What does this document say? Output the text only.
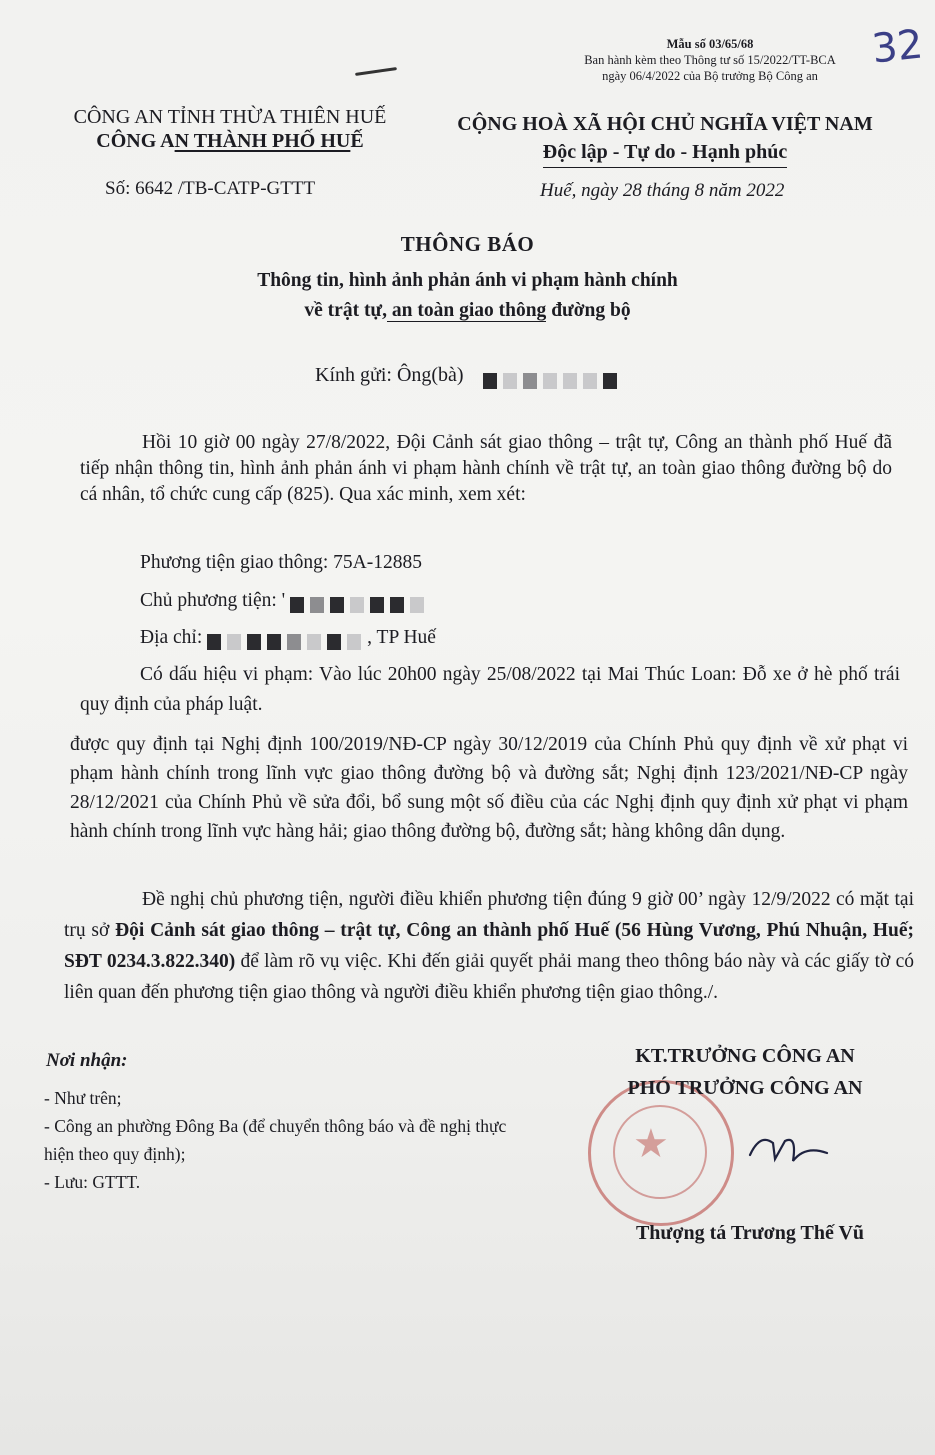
Mẫu số 03/65/68
Ban hành kèm theo Thông tư số 15/2022/TT-BCA
ngày 06/4/2022 của Bộ trưởng Bộ Công an
32
CÔNG AN TỈNH THỪA THIÊN HUẾ
CÔNG AN THÀNH PHỐ HUẾ
CỘNG HOÀ XÃ HỘI CHỦ NGHĨA VIỆT NAM
Độc lập - Tự do - Hạnh phúc
Số: 6642 /TB-CATP-GTTT	Huế, ngày 28 tháng 8 năm 2022
THÔNG BÁO
Thông tin, hình ảnh phản ánh vi phạm hành chính
về trật tự, an toàn giao thông đường bộ
Kính gửi: Ông(bà)
Hồi 10 giờ 00 ngày 27/8/2022, Đội Cảnh sát giao thông – trật tự, Công an thành phố Huế đã tiếp nhận thông tin, hình ảnh phản ánh vi phạm hành chính về trật tự, an toàn giao thông đường bộ do cá nhân, tổ chức cung cấp (825). Qua xác minh, xem xét:
Phương tiện giao thông: 75A-12885
Chủ phương tiện: '
Địa chỉ:	, TP Huế
Có dấu hiệu vi phạm: Vào lúc 20h00 ngày 25/08/2022 tại Mai Thúc Loan: Đỗ xe ở hè phố trái quy định của pháp luật.
được quy định tại Nghị định 100/2019/NĐ-CP ngày 30/12/2019 của Chính Phủ quy định về xử phạt vi phạm hành chính trong lĩnh vực giao thông đường bộ và đường sắt; Nghị định 123/2021/NĐ-CP ngày 28/12/2021 của Chính Phủ về sửa đổi, bổ sung một số điều của các Nghị định quy định xử phạt vi phạm hành chính trong lĩnh vực hàng hải; giao thông đường bộ, đường sắt; hàng không dân dụng.
Đề nghị chủ phương tiện, người điều khiển phương tiện đúng 9 giờ 00’ ngày 12/9/2022 có mặt tại trụ sở Đội Cảnh sát giao thông – trật tự, Công an thành phố Huế (56 Hùng Vương, Phú Nhuận, Huế; SĐT 0234.3.822.340) để làm rõ vụ việc. Khi đến giải quyết phải mang theo thông báo này và các giấy tờ có liên quan đến phương tiện giao thông và người điều khiển phương tiện giao thông./.
Nơi nhận:
- Như trên;
- Công an phường Đông Ba (để chuyển thông báo và đề nghị thực hiện theo quy định);
- Lưu: GTTT.
★
KT.TRƯỞNG CÔNG AN
PHÓ TRƯỞNG CÔNG AN
Thượng tá Trương Thế Vũ
